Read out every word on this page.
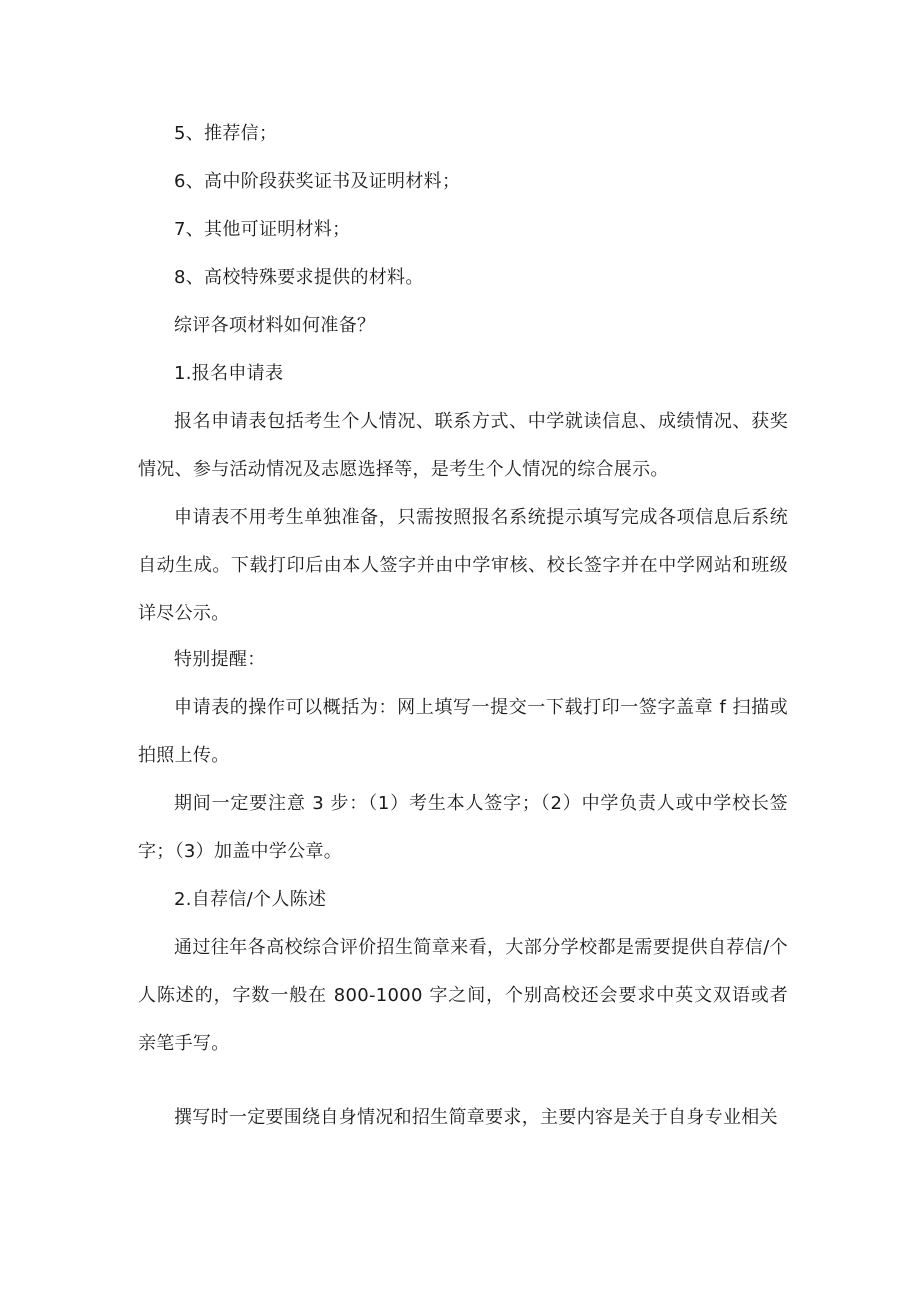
5、推荐信；

6、高中阶段获奖证书及证明材料；

7、其他可证明材料；

8、高校特殊要求提供的材料。

综评各项材料如何准备？

1.报名申请表

报名申请表包括考生个人情况、联系方式、中学就读信息、成绩情况、获奖情况、参与活动情况及志愿选择等，是考生个人情况的综合展示。

申请表不用考生单独准备，只需按照报名系统提示填写完成各项信息后系统自动生成。下载打印后由本人签字并由中学审核、校长签字并在中学网站和班级详尽公示。

特别提醒：

申请表的操作可以概括为：网上填写一提交一下载打印一签字盖章 f 扫描或拍照上传。

期间一定要注意 3 步：（1）考生本人签字；（2）中学负责人或中学校长签字；（3）加盖中学公章。

2.自荐信/个人陈述

通过往年各高校综合评价招生简章来看，大部分学校都是需要提供自荐信/个人陈述的，字数一般在 800-1000 字之间，个别高校还会要求中英文双语或者亲笔手写。

撰写时一定要围绕自身情况和招生简章要求，主要内容是关于自身专业相关
